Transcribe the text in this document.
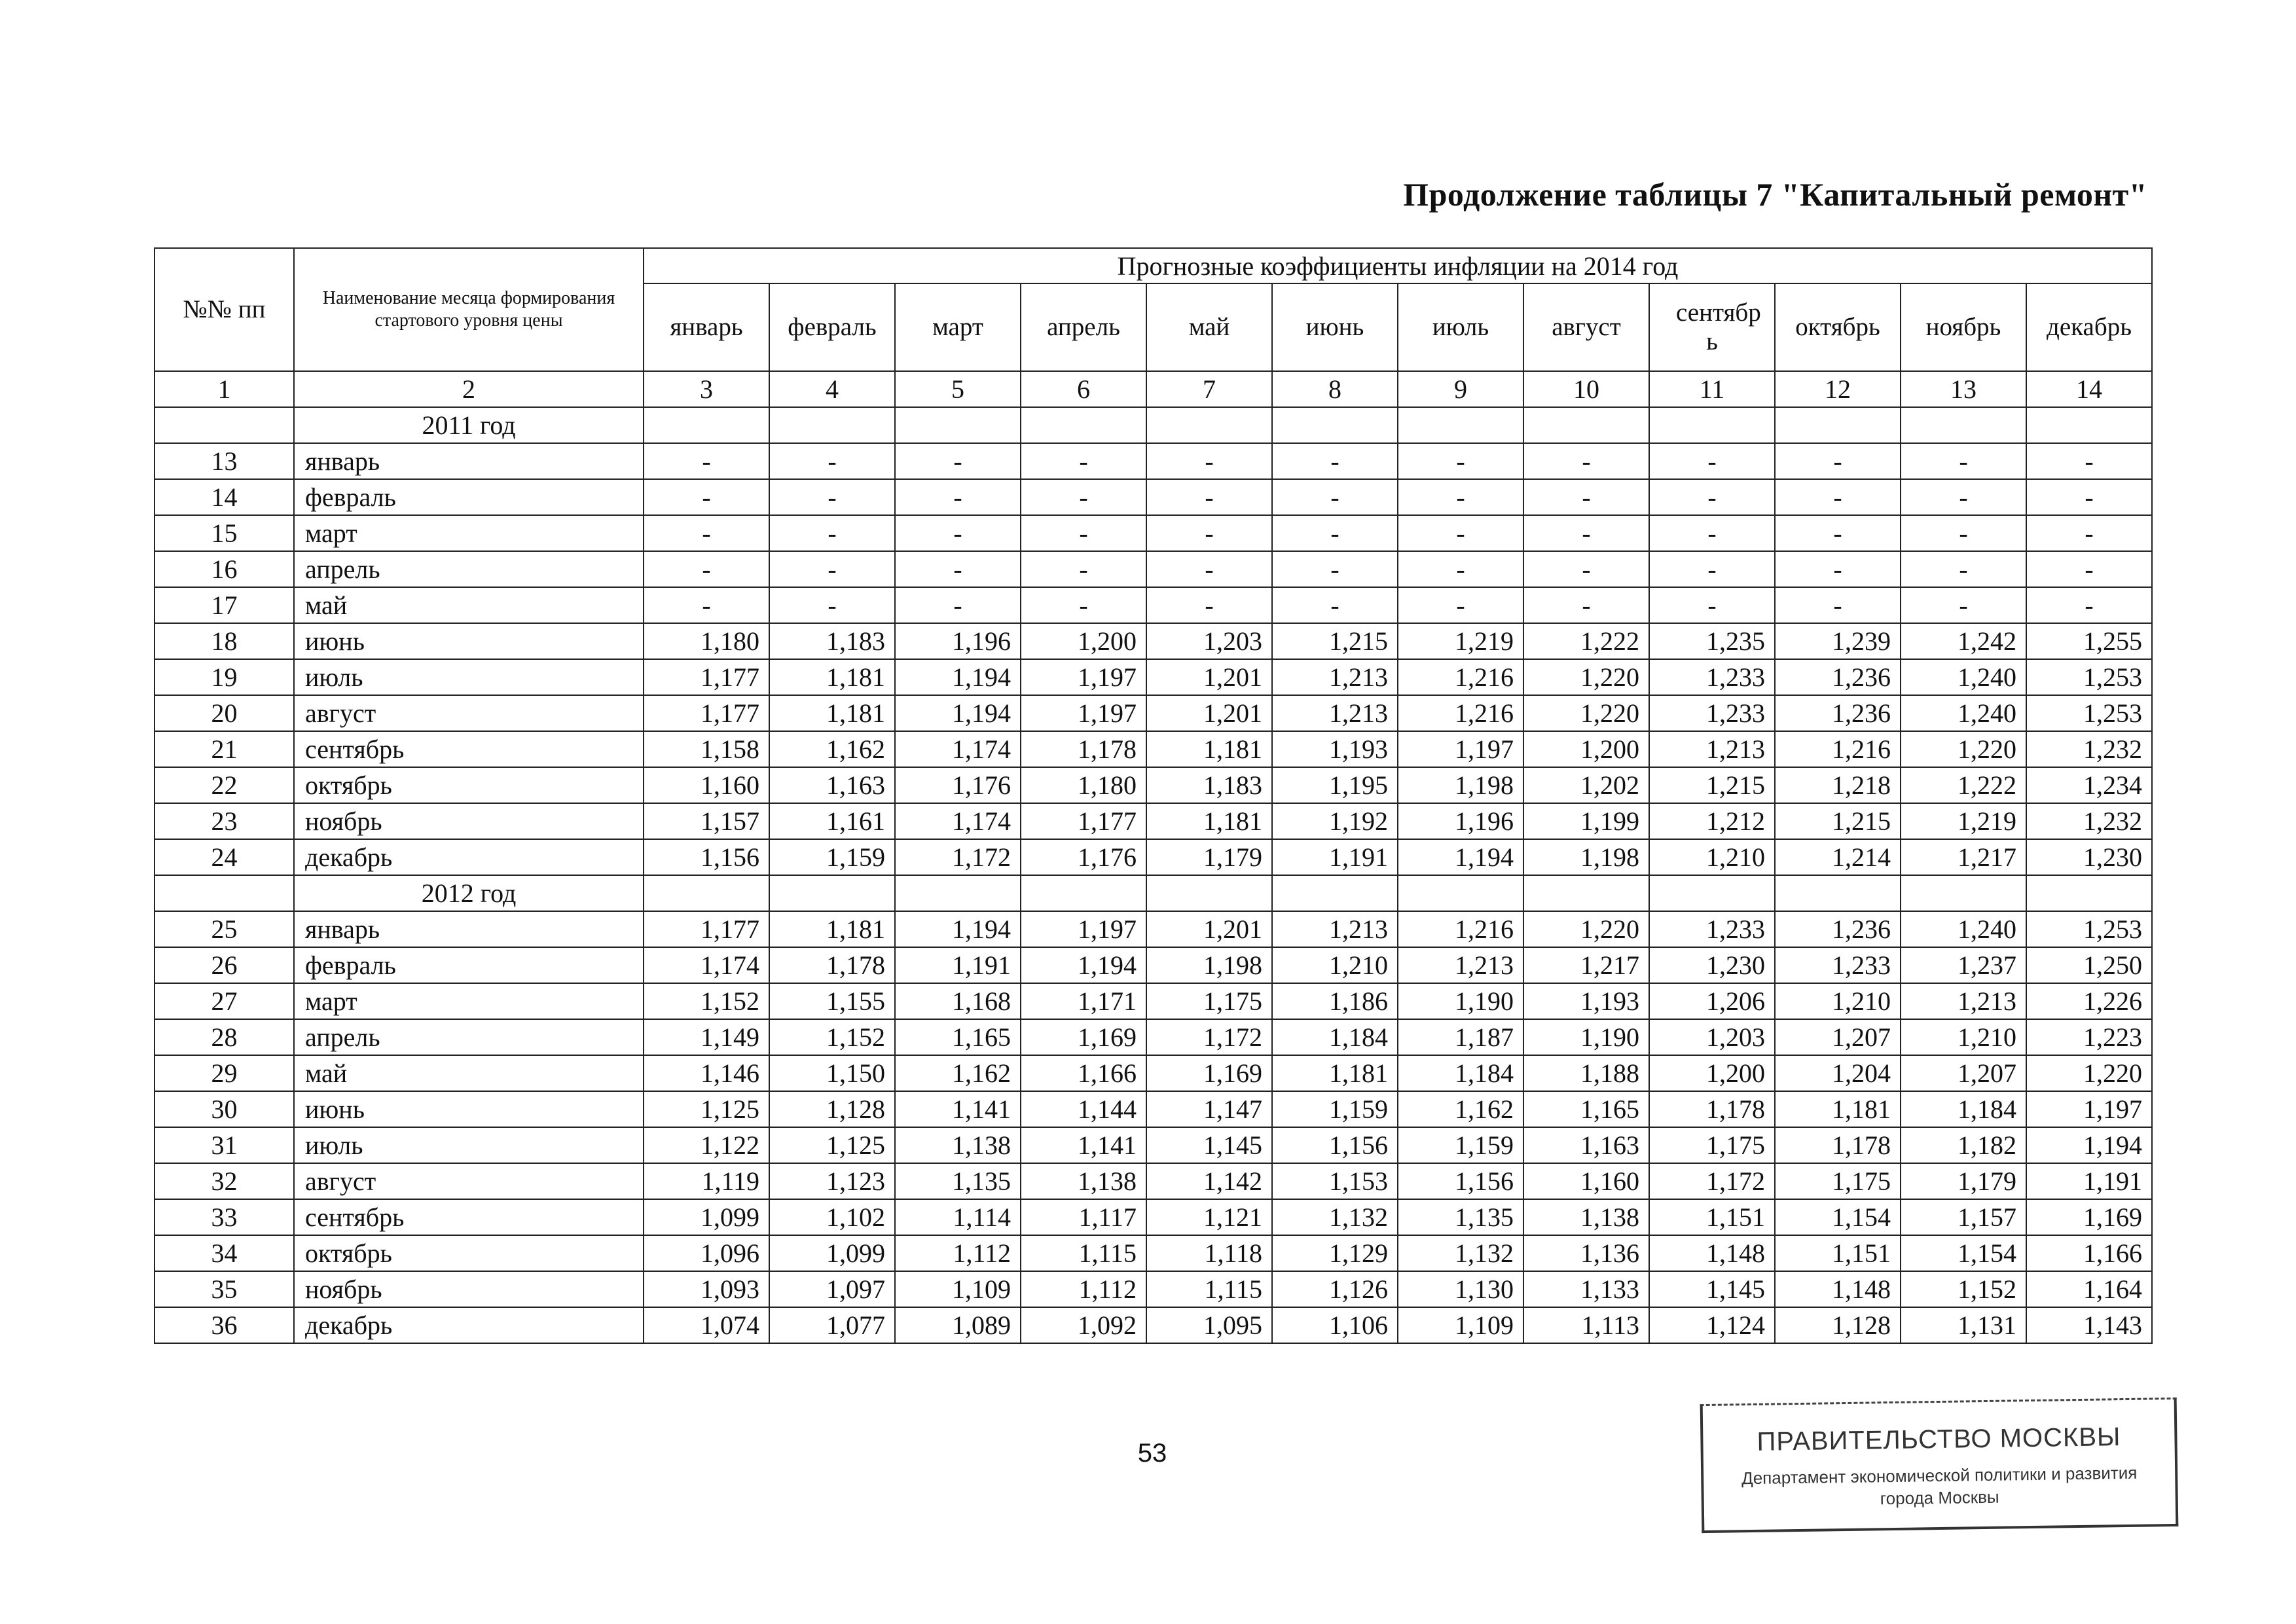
Продолжение таблицы 7 "Капитальный ремонт"
№№ пп	Наименование месяца формирования стартового уровня цены	Прогнозные коэффициенты инфляции на 2014 год											
		январь	февраль	март	апрель	май	июнь	июль	август	сентябр ь	октябрь	ноябрь	декабрь
1	2	3	4	5	6	7	8	9	10	11	12	13	14
	2011 год												
13	январь	-	-	-	-	-	-	-	-	-	-	-	-
14	февраль	-	-	-	-	-	-	-	-	-	-	-	-
15	март	-	-	-	-	-	-	-	-	-	-	-	-
16	апрель	-	-	-	-	-	-	-	-	-	-	-	-
17	май	-	-	-	-	-	-	-	-	-	-	-	-
18	июнь	1,180	1,183	1,196	1,200	1,203	1,215	1,219	1,222	1,235	1,239	1,242	1,255
19	июль	1,177	1,181	1,194	1,197	1,201	1,213	1,216	1,220	1,233	1,236	1,240	1,253
20	август	1,177	1,181	1,194	1,197	1,201	1,213	1,216	1,220	1,233	1,236	1,240	1,253
21	сентябрь	1,158	1,162	1,174	1,178	1,181	1,193	1,197	1,200	1,213	1,216	1,220	1,232
22	октябрь	1,160	1,163	1,176	1,180	1,183	1,195	1,198	1,202	1,215	1,218	1,222	1,234
23	ноябрь	1,157	1,161	1,174	1,177	1,181	1,192	1,196	1,199	1,212	1,215	1,219	1,232
24	декабрь	1,156	1,159	1,172	1,176	1,179	1,191	1,194	1,198	1,210	1,214	1,217	1,230
	2012 год												
25	январь	1,177	1,181	1,194	1,197	1,201	1,213	1,216	1,220	1,233	1,236	1,240	1,253
26	февраль	1,174	1,178	1,191	1,194	1,198	1,210	1,213	1,217	1,230	1,233	1,237	1,250
27	март	1,152	1,155	1,168	1,171	1,175	1,186	1,190	1,193	1,206	1,210	1,213	1,226
28	апрель	1,149	1,152	1,165	1,169	1,172	1,184	1,187	1,190	1,203	1,207	1,210	1,223
29	май	1,146	1,150	1,162	1,166	1,169	1,181	1,184	1,188	1,200	1,204	1,207	1,220
30	июнь	1,125	1,128	1,141	1,144	1,147	1,159	1,162	1,165	1,178	1,181	1,184	1,197
31	июль	1,122	1,125	1,138	1,141	1,145	1,156	1,159	1,163	1,175	1,178	1,182	1,194
32	август	1,119	1,123	1,135	1,138	1,142	1,153	1,156	1,160	1,172	1,175	1,179	1,191
33	сентябрь	1,099	1,102	1,114	1,117	1,121	1,132	1,135	1,138	1,151	1,154	1,157	1,169
34	октябрь	1,096	1,099	1,112	1,115	1,118	1,129	1,132	1,136	1,148	1,151	1,154	1,166
35	ноябрь	1,093	1,097	1,109	1,112	1,115	1,126	1,130	1,133	1,145	1,148	1,152	1,164
36	декабрь	1,074	1,077	1,089	1,092	1,095	1,106	1,109	1,113	1,124	1,128	1,131	1,143
53	ПРАВИТЕЛЬСТВО МОСКВЫ
Департамент экономической политики и развития
города Москвы
